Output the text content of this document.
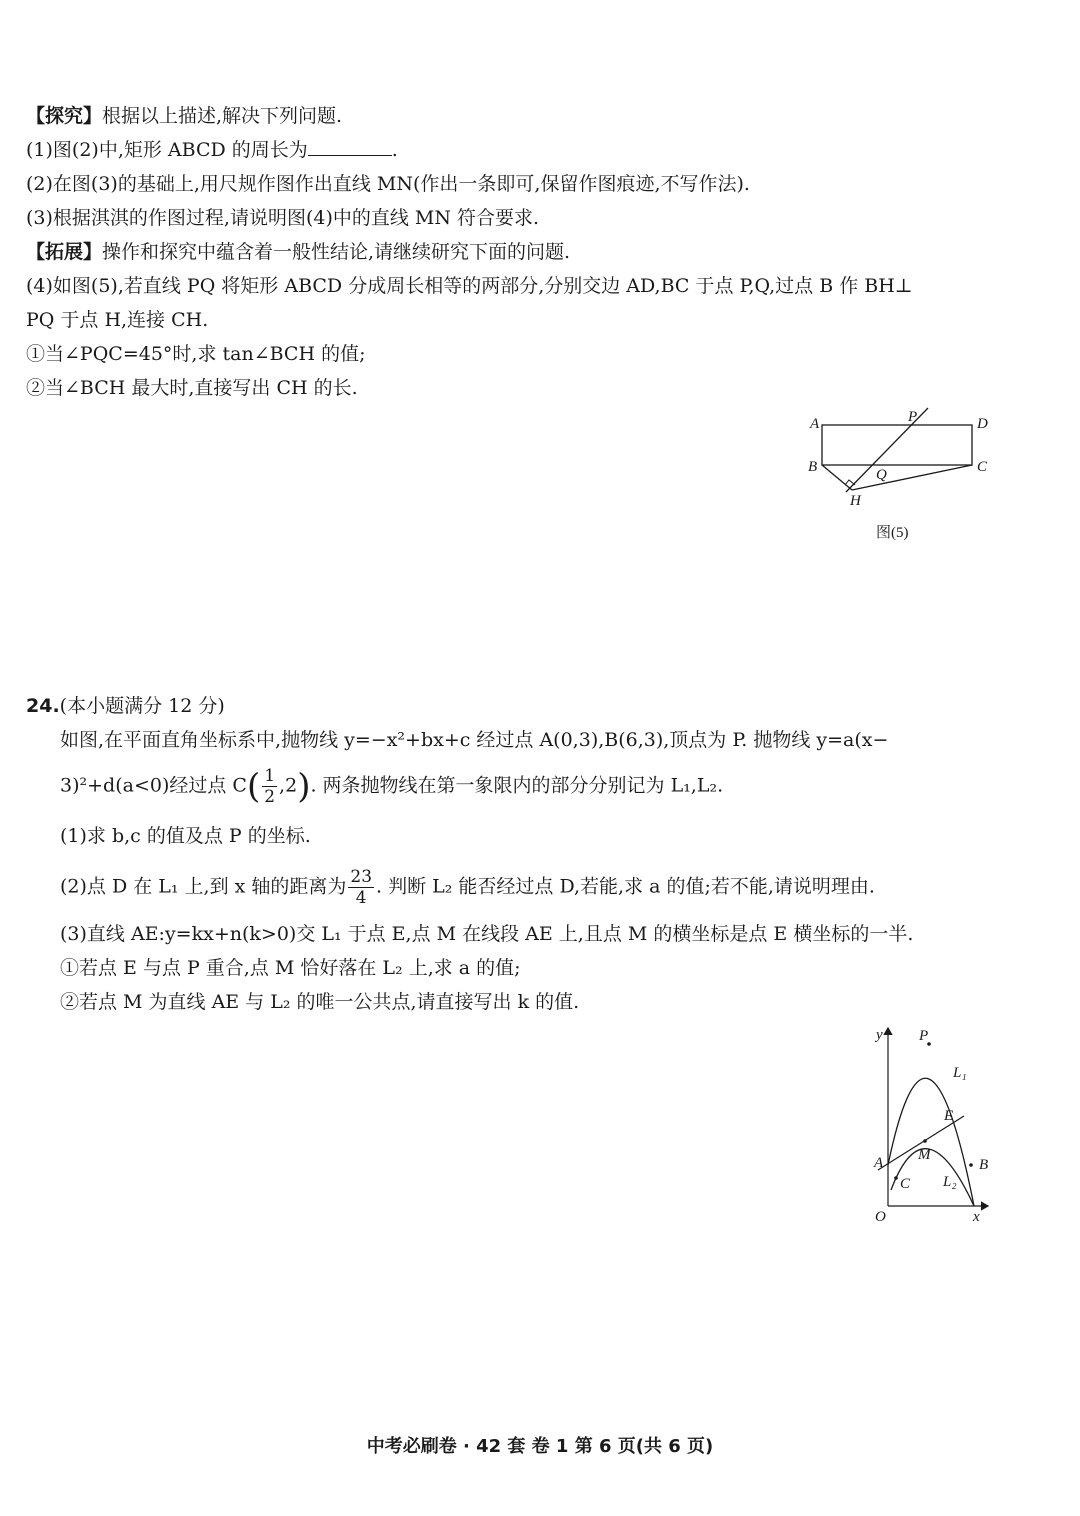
【探究】根据以上描述,解决下列问题.
(1)图(2)中,矩形 ABCD 的周长为	.
(2)在图(3)的基础上,用尺规作图作出直线 MN(作出一条即可,保留作图痕迹,不写作法).
(3)根据淇淇的作图过程,请说明图(4)中的直线 MN 符合要求.
【拓展】操作和探究中蕴含着一般性结论,请继续研究下面的问题.
(4)如图(5),若直线 PQ 将矩形 ABCD 分成周长相等的两部分,分别交边 AD,BC 于点 P,Q,过点 B 作 BH⊥
PQ 于点 H,连接 CH.
①当∠PQC=45°时,求 tan∠BCH 的值;
②当∠BCH 最大时,直接写出 CH 的长.
A	P	D
B	Q	C
H
图(5)
24.(本小题满分 12 分)
如图,在平面直角坐标系中,抛物线 y=−x²+bx+c 经过点 A(0,3),B(6,3),顶点为 P. 抛物线 y=a(x−
3)²+d(a<0)经过点 $C( \frac{1}{2} ,2)$. 两条抛物线在第一象限内的部分分别记为 L₁,L₂.
(1)求 b,c 的值及点 P 的坐标.
(2)点 D 在 L₁ 上,到 x 轴的距离为 $\frac{23}{4}$ . 判断 L₂ 能否经过点 D,若能,求 a 的值;若不能,请说明理由.
(3)直线 AE:y=kx+n(k>0)交 L₁ 于点 E,点 M 在线段 AE 上,且点 M 的横坐标是点 E 横坐标的一半.
①若点 E 与点 P 重合,点 M 恰好落在 L₂ 上,求 a 的值;
②若点 M 为直线 AE 与 L₂ 的唯一公共点,请直接写出 k 的值.
y P
L₁
E
A M
B
C L₂
O	x
中考必刷卷 · 42 套 卷 1 第 6 页(共 6 页)
